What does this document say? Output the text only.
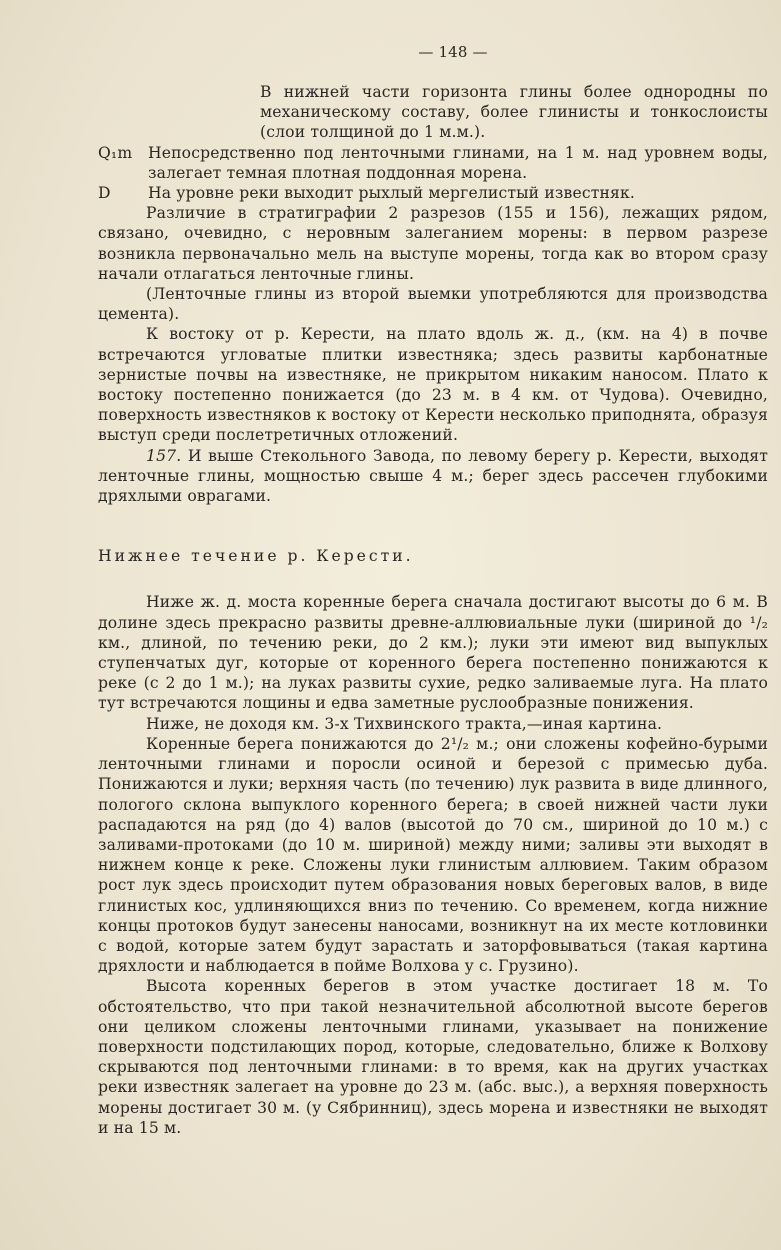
— 148 —

В нижней части горизонта глины более однородны по механическому составу, более глинисты и тонкослоисты (слои толщиной до 1 м.м.).

Q₁m	Непосредственно под ленточными глинами, на 1 м. над уровнем воды, залегает темная плотная поддонная морена.
D	На уровне реки выходит рыхлый мергелистый известняк.

Различие в стратиграфии 2 разрезов (155 и 156), лежащих рядом, связано, очевидно, с неровным залеганием морены: в первом разрезе возникла первоначально мель на выступе морены, тогда как во втором сразу начали отлагаться ленточные глины.

(Ленточные глины из второй выемки употребляются для производства цемента).

К востоку от р. Керести, на плато вдоль ж. д., (км. на 4) в почве встречаются угловатые плитки известняка; здесь развиты карбонатные зернистые почвы на известняке, не прикрытом никаким наносом. Плато к востоку постепенно понижается (до 23 м. в 4 км. от Чудова). Очевидно, поверхность известняков к востоку от Керести несколько приподнята, образуя выступ среди послетретичных отложений.

157. И выше Стекольного Завода, по левому берегу р. Керести, выходят ленточные глины, мощностью свыше 4 м.; берег здесь рассечен глубокими дряхлыми оврагами.

Нижнее течение р. Керести.

Ниже ж. д. моста коренные берега сначала достигают высоты до 6 м. В долине здесь прекрасно развиты древне-аллювиальные луки (шириной до ¹/₂ км., длиной, по течению реки, до 2 км.); луки эти имеют вид выпуклых ступенчатых дуг, которые от коренного берега постепенно понижаются к реке (с 2 до 1 м.); на луках развиты сухие, редко заливаемые луга. На плато тут встречаются лощины и едва заметные руслообразные понижения.

Ниже, не доходя км. 3-х Тихвинского тракта,—иная картина.

Коренные берега понижаются до 2¹/₂ м.; они сложены кофейно-бурыми ленточными глинами и поросли осиной и березой с примесью дуба. Понижаются и луки; верхняя часть (по течению) лук развита в виде длинного, пологого склона выпуклого коренного берега; в своей нижней части луки распадаются на ряд (до 4) валов (высотой до 70 см., шириной до 10 м.) с заливами-протоками (до 10 м. шириной) между ними; заливы эти выходят в нижнем конце к реке. Сложены луки глинистым аллювием. Таким образом рост лук здесь происходит путем образования новых береговых валов, в виде глинистых кос, удлиняющихся вниз по течению. Со временем, когда нижние концы протоков будут занесены наносами, возникнут на их месте котловинки с водой, которые затем будут зарастать и заторфовываться (такая картина дряхлости и наблюдается в пойме Волхова у с. Грузино).

Высота коренных берегов в этом участке достигает 18 м. То обстоятельство, что при такой незначительной абсолютной высоте берегов они целиком сложены ленточными глинами, указывает на понижение поверхности подстилающих пород, которые, следовательно, ближе к Волхову скрываются под ленточными глинами: в то время, как на других участках реки известняк залегает на уровне до 23 м. (абс. выс.), а верхняя поверхность морены достигает 30 м. (у Сябринниц), здесь морена и известняки не выходят и на 15 м.
